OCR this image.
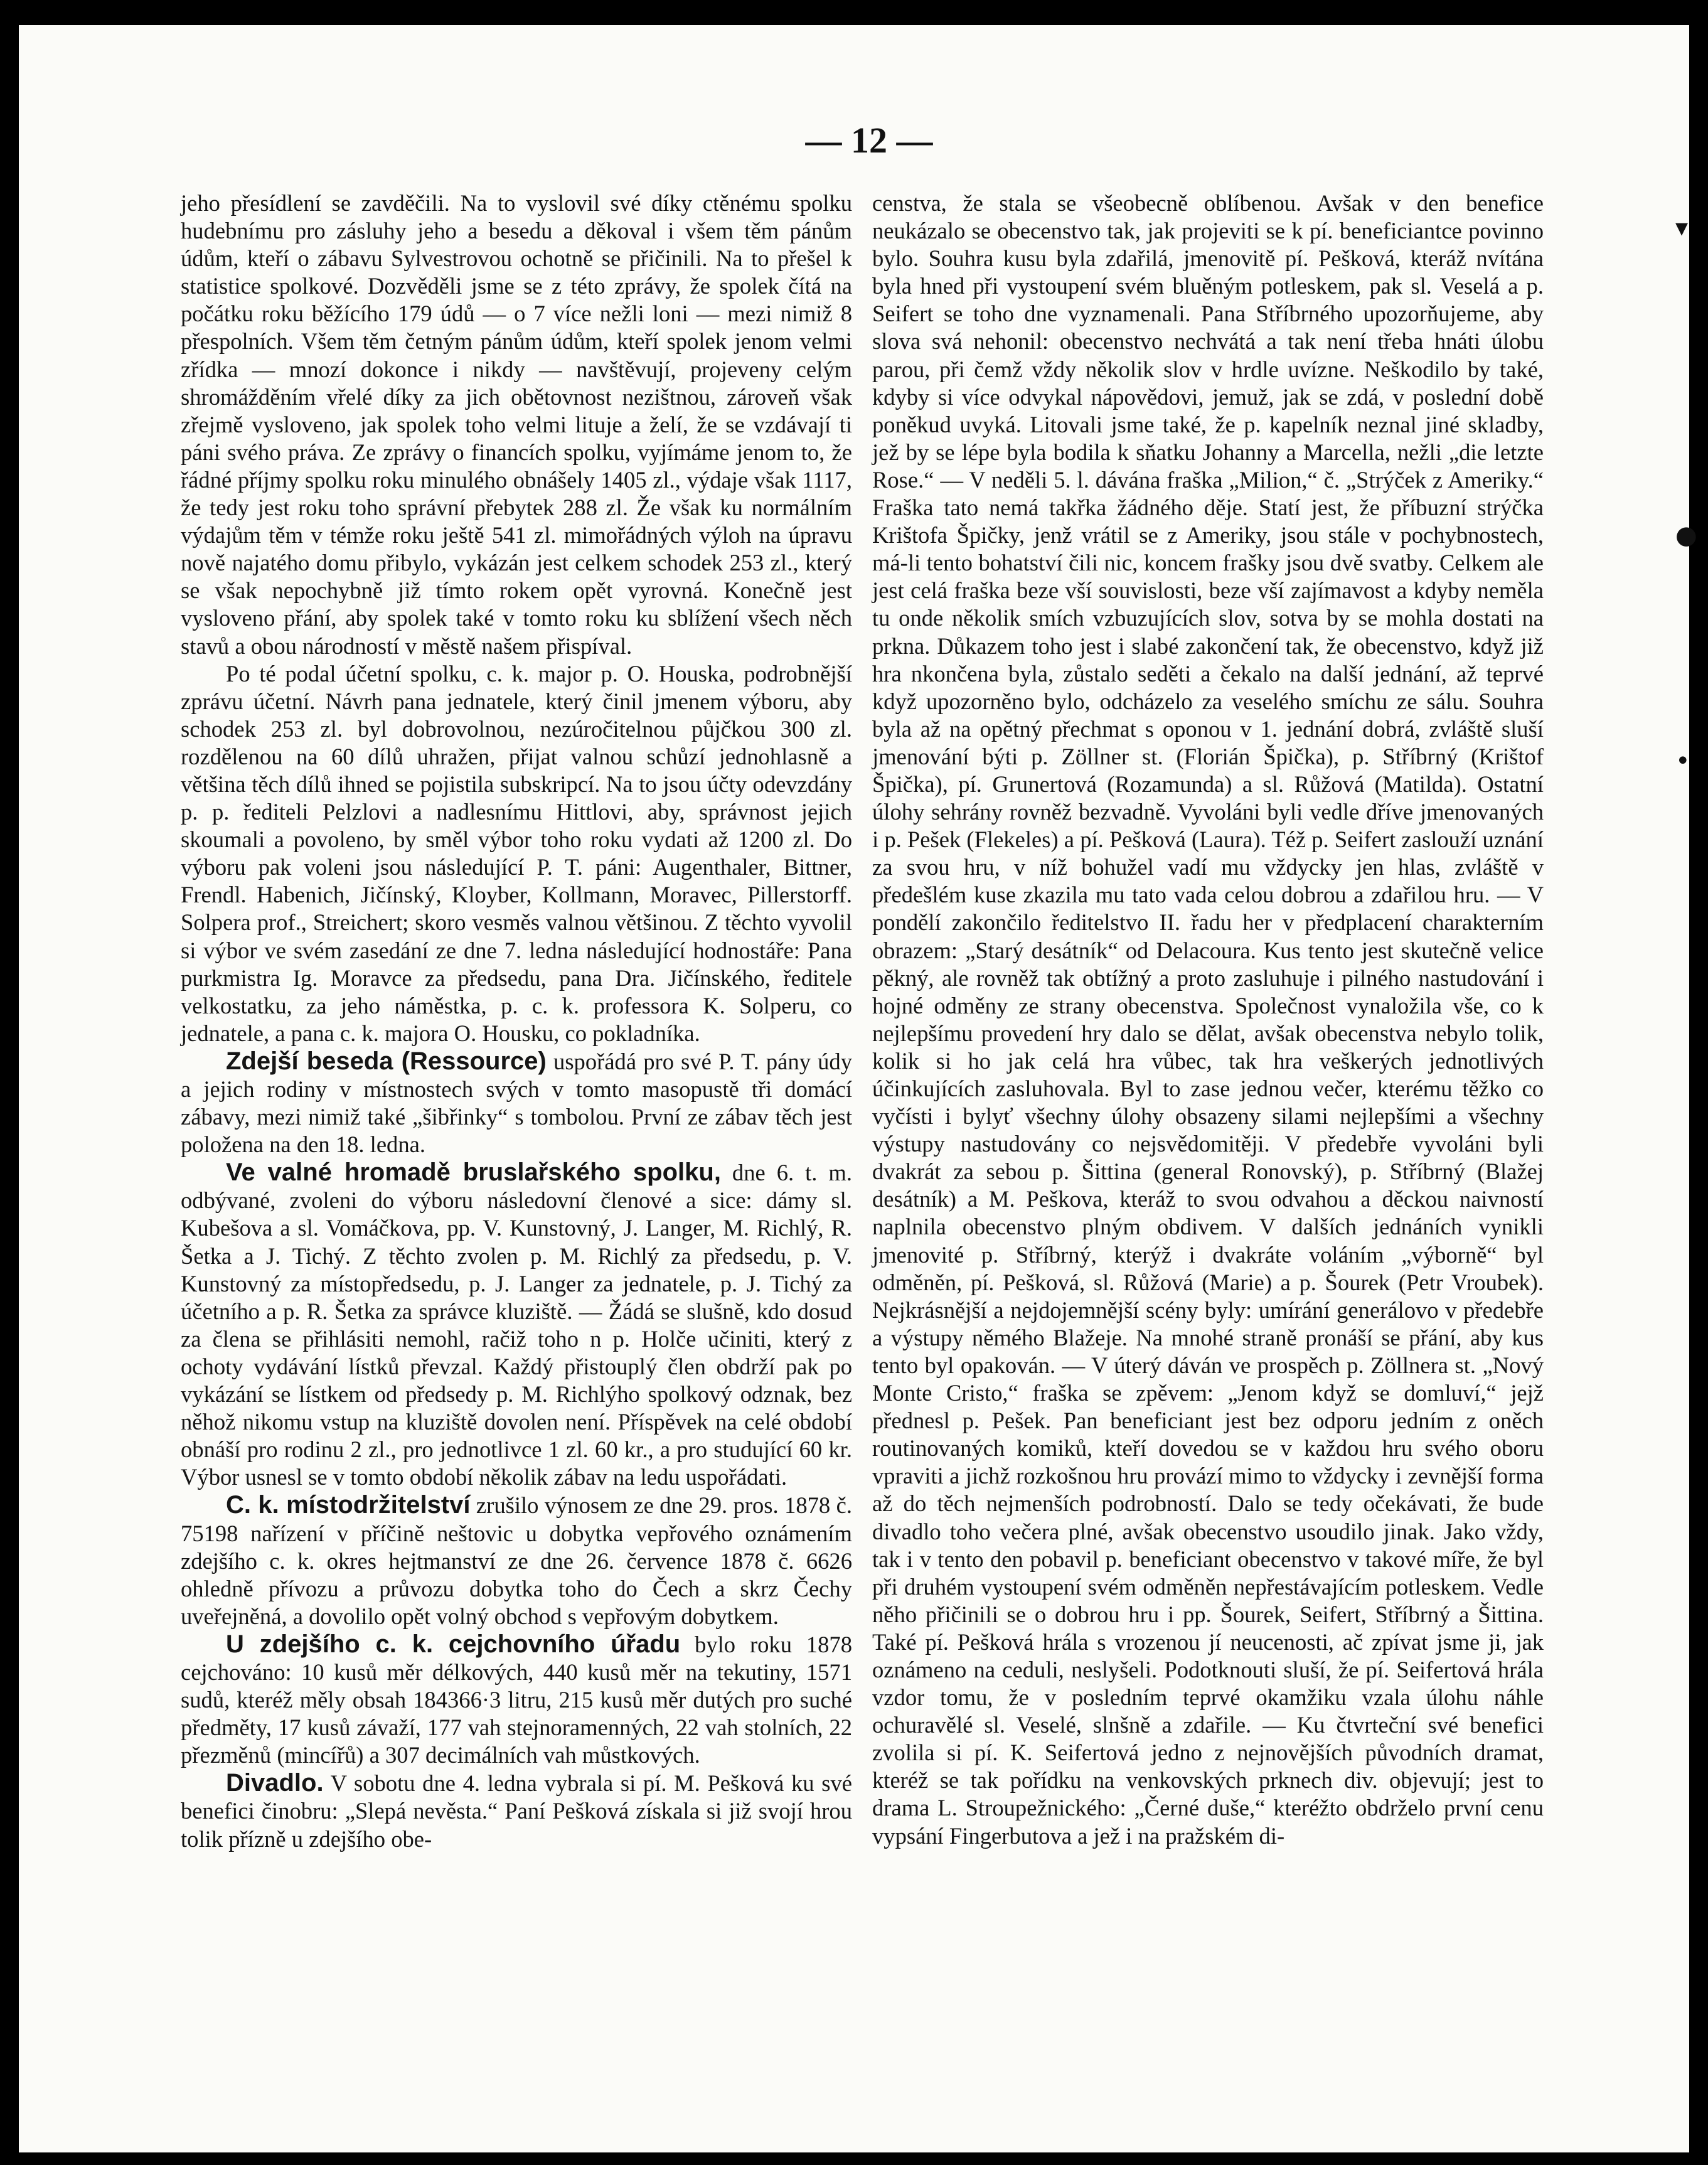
— 12 —

jeho přesídlení se zavděčili. Na to vyslovil své díky ctěnému spolku hudebnímu pro zásluhy jeho a besedu a děkoval i všem těm pánům údům, kteří o zábavu Sylvestrovou ochotně se přičinili. Na to přešel k statistice spolkové. Dozvěděli jsme se z této zprávy, že spolek čítá na počátku roku běžícího 179 údů — o 7 více nežli loni — mezi nimiž 8 přespolních. Všem těm četným pánům údům, kteří spolek jenom velmi zřídka — mnozí dokonce i nikdy — navštěvují, projeveny celým shromážděním vřelé díky za jich obětovnost nezištnou, zároveň však zřejmě vysloveno, jak spolek toho velmi lituje a želí, že se vzdávají ti páni svého práva. Ze zprávy o financích spolku, vyjímáme jenom to, že řádné příjmy spolku roku minulého obnášely 1405 zl., výdaje však 1117, že tedy jest roku toho správní přebytek 288 zl. Že však ku normálním výdajům těm v témže roku ještě 541 zl. mimořádných výloh na úpravu nově najatého domu přibylo, vykázán jest celkem schodek 253 zl., který se však nepochybně již tímto rokem opět vyrovná. Konečně jest vysloveno přání, aby spolek také v tomto roku ku sblížení všech něch stavů a obou národností v městě našem přispíval.

Po té podal účetní spolku, c. k. major p. O. Houska, podrobnější zprávu účetní. Návrh pana jednatele, který činil jmenem výboru, aby schodek 253 zl. byl dobrovolnou, nezúročitelnou půjčkou 300 zl. rozdělenou na 60 dílů uhražen, přijat valnou schůzí jednohlasně a většina těch dílů ihned se pojistila subskripcí. Na to jsou účty odevzdány p. p. řediteli Pelzlovi a nadlesnímu Hittlovi, aby, správnost jejich skoumali a povoleno, by směl výbor toho roku vydati až 1200 zl. Do výboru pak voleni jsou následující P. T. páni: Augenthaler, Bittner, Frendl. Habenich, Jičínský, Kloyber, Kollmann, Moravec, Pillerstorff. Solpera prof., Streichert; skoro vesměs valnou většinou. Z těchto vyvolil si výbor ve svém zasedání ze dne 7. ledna následující hodnostáře: Pana purkmistra Ig. Moravce za předsedu, pana Dra. Jičínského, ředitele velkostatku, za jeho náměstka, p. c. k. professora K. Solperu, co jednatele, a pana c. k. majora O. Housku, co pokladníka.

Zdejší beseda (Ressource) uspořádá pro své P. T. pány údy a jejich rodiny v místnostech svých v tomto masopustě tři domácí zábavy, mezi nimiž také „šibřinky“ s tombolou. První ze zábav těch jest položena na den 18. ledna.

Ve valné hromadě bruslařského spolku, dne 6. t. m. odbývané, zvoleni do výboru následovní členové a sice: dámy sl. Kubešova a sl. Vomáčkova, pp. V. Kunstovný, J. Langer, M. Richlý, R. Šetka a J. Tichý. Z těchto zvolen p. M. Richlý za předsedu, p. V. Kunstovný za místopředsedu, p. J. Langer za jednatele, p. J. Tichý za účetního a p. R. Šetka za správce kluziště. — Žádá se slušně, kdo dosud za člena se přihlásiti nemohl, račiž toho n p. Holče učiniti, který z ochoty vydávání lístků převzal. Každý přistouplý člen obdrží pak po vykázání se lístkem od předsedy p. M. Richlýho spolkový odznak, bez něhož nikomu vstup na kluziště dovolen není. Příspěvek na celé období obnáší pro rodinu 2 zl., pro jednotlivce 1 zl. 60 kr., a pro studující 60 kr. Výbor usnesl se v tomto období několik zábav na ledu uspořádati.

C. k. místodržitelství zrušilo výnosem ze dne 29. pros. 1878 č. 75198 nařízení v příčině neštovic u dobytka vepřového oznámením zdejšího c. k. okres hejtmanství ze dne 26. července 1878 č. 6626 ohledně přívozu a průvozu dobytka toho do Čech a skrz Čechy uveřejněná, a dovolilo opět volný obchod s vepřovým dobytkem.

U zdejšího c. k. cejchovního úřadu bylo roku 1878 cejchováno: 10 kusů měr délkových, 440 kusů měr na tekutiny, 1571 sudů, kteréž měly obsah 184366·3 litru, 215 kusů měr dutých pro suché předměty, 17 kusů závaží, 177 vah stejnoramenných, 22 vah stolních, 22 přezměnů (mincířů) a 307 decimálních vah můstkových.

Divadlo. V sobotu dne 4. ledna vybrala si pí. M. Pešková ku své benefici činobru: „Slepá nevěsta.“ Paní Pešková získala si již svojí hrou tolik přízně u zdejšího obe-

censtva, že stala se všeobecně oblíbenou. Avšak v den benefice neukázalo se obecenstvo tak, jak projeviti se k pí. beneficiantce povinno bylo. Souhra kusu byla zdařilá, jmenovitě pí. Pešková, kteráž nvítána byla hned při vystoupení svém bluěným potleskem, pak sl. Veselá a p. Seifert se toho dne vyznamenali. Pana Stříbrného upozorňujeme, aby slova svá nehonil: obecenstvo nechvátá a tak není třeba hnáti úlobu parou, při čemž vždy několik slov v hrdle uvízne. Neškodilo by také, kdyby si více odvykal nápovědovi, jemuž, jak se zdá, v poslední době poněkud uvyká. Litovali jsme také, že p. kapelník neznal jiné skladby, jež by se lépe byla bodila k sňatku Johanny a Marcella, nežli „die letzte Rose.“ — V neděli 5. l. dávána fraška „Milion,“ č. „Strýček z Ameriky.“ Fraška tato nemá takřka žádného děje. Statí jest, že příbuzní strýčka Krištofa Špičky, jenž vrátil se z Ameriky, jsou stále v pochybnostech, má-li tento bohatství čili nic, koncem frašky jsou dvě svatby. Celkem ale jest celá fraška beze vší souvislosti, beze vší zajímavost a kdyby neměla tu onde několik smích vzbuzujících slov, sotva by se mohla dostati na prkna. Důkazem toho jest i slabé zakončení tak, že obecenstvo, když již hra nkončena byla, zůstalo seděti a čekalo na další jednání, až teprvé když upozorněno bylo, odcházelo za veselého smíchu ze sálu. Souhra byla až na opětný přechmat s oponou v 1. jednání dobrá, zvláště sluší jmenování býti p. Zöllner st. (Florián Špička), p. Stříbrný (Krištof Špička), pí. Grunertová (Rozamunda) a sl. Růžová (Matilda). Ostatní úlohy sehrány rovněž bezvadně. Vyvoláni byli vedle dříve jmenovaných i p. Pešek (Flekeles) a pí. Pešková (Laura). Též p. Seifert zaslouží uznání za svou hru, v níž bohužel vadí mu vždycky jen hlas, zvláště v předešlém kuse zkazila mu tato vada celou dobrou a zdařilou hru. — V pondělí zakončilo ředitelstvo II. řadu her v předplacení charakterním obrazem: „Starý desátník“ od Delacoura. Kus tento jest skutečně velice pěkný, ale rovněž tak obtížný a proto zasluhuje i pilného nastudování i hojné odměny ze strany obecenstva. Společnost vynaložila vše, co k nejlepšímu provedení hry dalo se dělat, avšak obecenstva nebylo tolik, kolik si ho jak celá hra vůbec, tak hra veškerých jednotlivých účinkujících zasluhovala. Byl to zase jednou večer, kterému těžko co vyčísti i bylyť všechny úlohy obsazeny silami nejlepšími a všechny výstupy nastudovány co nejsvědomitěji. V předebře vyvoláni byli dvakrát za sebou p. Šittina (general Ronovský), p. Stříbrný (Blažej desátník) a M. Peškova, kteráž to svou odvahou a děckou naivností naplnila obecenstvo plným obdivem. V dalších jednáních vynikli jmenovité p. Stříbrný, kterýž i dvakráte voláním „výborně“ byl odměněn, pí. Pešková, sl. Růžová (Marie) a p. Šourek (Petr Vroubek). Nejkrásnější a nejdojemnější scény byly: umírání generálovo v předebře a výstupy němého Blažeje. Na mnohé straně pronáší se přání, aby kus tento byl opakován. — V úterý dáván ve prospěch p. Zöllnera st. „Nový Monte Cristo,“ fraška se zpěvem: „Jenom když se domluví,“ jejž přednesl p. Pešek. Pan beneficiant jest bez odporu jedním z oněch routinovaných komiků, kteří dovedou se v každou hru svého oboru vpraviti a jichž rozkošnou hru provází mimo to vždycky i zevnější forma až do těch nejmenších podrobností. Dalo se tedy očekávati, že bude divadlo toho večera plné, avšak obecenstvo usoudilo jinak. Jako vždy, tak i v tento den pobavil p. beneficiant obecenstvo v takové míře, že byl při druhém vystoupení svém odměněn nepřestávajícím potleskem. Vedle něho přičinili se o dobrou hru i pp. Šourek, Seifert, Stříbrný a Šittina. Také pí. Pešková hrála s vrozenou jí neucenosti, ač zpívat jsme ji, jak oznámeno na ceduli, neslyšeli. Podotknouti sluší, že pí. Seifertová hrála vzdor tomu, že v posledním teprvé okamžiku vzala úlohu náhle ochuravělé sl. Veselé, slnšně a zdařile. — Ku čtvrteční své benefici zvolila si pí. K. Seifertová jedno z nejnovějších původních dramat, kteréž se tak pořídku na venkovských prknech div. objevují; jest to drama L. Stroupežnického: „Černé duše,“ kteréžto obdrželo první cenu vypsání Fingerbutova a jež i na pražském di-

▾
●
•
